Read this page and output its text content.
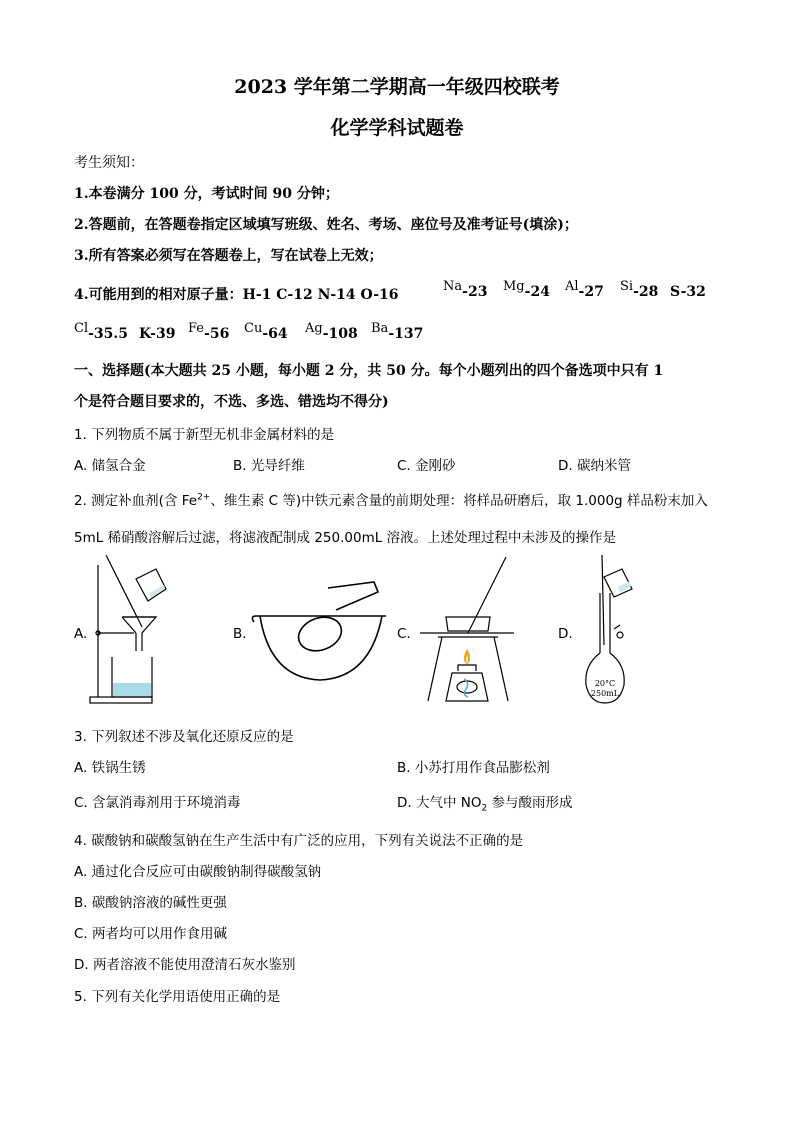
2023 学年第二学期高一年级四校联考
化学学科试题卷
考生须知：
1.本卷满分 100 分，考试时间 90 分钟；
2.答题前，在答题卷指定区域填写班级、姓名、考场、座位号及准考证号(填涂)；
3.所有答案必须写在答题卷上，写在试卷上无效；
4.可能用到的相对原子量：H-1 C-12 N-14 O-16
Na-23 Mg-24 Al-27 Si-28 S-32
Cl-35.5 K-39 Fe-56 Cu-64 Ag-108 Ba-137
一、选择题(本大题共 25 小题，每小题 2 分，共 50 分。每个小题列出的四个备选项中只有 1
个是符合题目要求的，不选、多选、错选均不得分)
1. 下列物质不属于新型无机非金属材料的是
A. 储氢合金	B. 光导纤维	C. 金刚砂	D. 碳纳米管
2. 测定补血剂(含 $Fe^{2+}$、维生素 C 等)中铁元素含量的前期处理：将样品研磨后，取 1.000g 样品粉末加入
5mL 稀硝酸溶解后过滤，将滤液配制成 250.00mL 溶液。上述处理过程中未涉及的操作是
A.	B.	C.	D.
20°C
250mL
3. 下列叙述不涉及氧化还原反应的是
A. 铁锅生锈	B. 小苏打用作食品膨松剂
C. 含氯消毒剂用于环境消毒	D. 大气中 $NO_2$ 参与酸雨形成
4. 碳酸钠和碳酸氢钠在生产生活中有广泛的应用，下列有关说法不正确的是
A. 通过化合反应可由碳酸钠制得碳酸氢钠
B. 碳酸钠溶液的碱性更强
C. 两者均可以用作食用碱
D. 两者溶液不能使用澄清石灰水鉴别
5. 下列有关化学用语使用正确的是
